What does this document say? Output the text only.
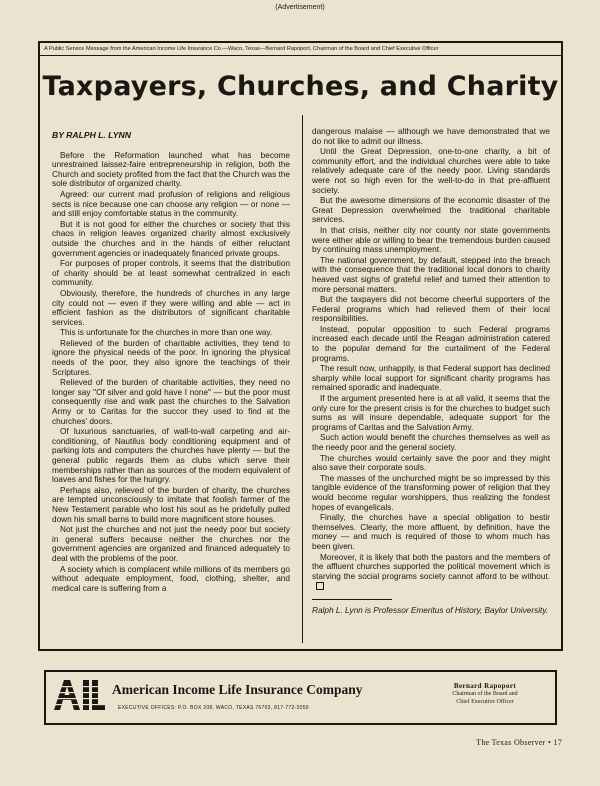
(Advertisement)
A Public Service Message from the American Income Life Insurance Co.—Waco, Texas—Bernard Rapoport, Chairman of the Board and Chief Executive Officer
Taxpayers, Churches, and Charity
BY RALPH L. LYNN

Before the Reformation launched what has become unrestrained laissez-faire entrepreneurship in religion, both the Church and society profited from the fact that the Church was the sole distributor of organized charity.

Agreed: our current mad profusion of religions and religious sects is nice because one can choose any religion — or none — and still enjoy comfortable status in the community.

But it is not good for either the churches or society that this chaos in religion leaves organized charity almost exclusively outside the churches and in the hands of either reluctant government agencies or inadequately financed private groups.

For purposes of proper controls, it seems that the distribution of charity should be at least somewhat centralized in each community.

Obviously, therefore, the hundreds of churches in any large city could not — even if they were willing and able — act in efficient fashion as the distributors of significant charitable services.

This is unfortunate for the churches in more than one way.

Relieved of the burden of charitable activities, they tend to ignore the physical needs of the poor. In ignoring the physical needs of the poor, they also ignore the teachings of their Scriptures.

Relieved of the burden of charitable activities, they need no longer say "Of silver and gold have I none" — but the poor must consequently rise and walk past the churches to the Salvation Army or to Caritas for the succor they used to find at the churches' doors.

Of luxurious sanctuaries, of wall-to-wall carpeting and air-conditioning, of Nautilus body conditioning equipment and of parking lots and computers the churches have plenty — but the general public regards them as clubs which serve their memberships rather than as sources of the modern equivalent of loaves and fishes for the hungry.

Perhaps also, relieved of the burden of charity, the churches are tempted unconsciously to imitate that foolish farmer of the New Testament parable who lost his soul as he pridefully pulled down his small barns to build more magnificent store houses.

Not just the churches and not just the needy poor but society in general suffers because neither the churches nor the government agencies are organized and financed adequately to deal with the problems of the poor.

A society which is complacent while millions of its members go without adequate employment, food, clothing, shelter, and medical care is suffering from a

dangerous malaise — although we have demonstrated that we do not like to admit our illness.

Until the Great Depression, one-to-one charity, a bit of community effort, and the individual churches were able to take relatively adequate care of the needy poor. Living standards were not so high even for the well-to-do in that pre-affluent society.

But the awesome dimensions of the economic disaster of the Great Depression overwhelmed the traditional charitable services.

In that crisis, neither city nor county nor state governments were either able or willing to bear the tremendous burden caused by continuing mass unemployment.

The national government, by default, stepped into the breach with the consequence that the traditional local donors to charity heaved vast sighs of grateful relief and turned their attention to more personal matters.

But the taxpayers did not become cheerful supporters of the Federal programs which had relieved them of their local responsibilities.

Instead, popular opposition to such Federal programs increased each decade until the Reagan administration catered to the popular demand for the curtailment of the Federal programs.

The result now, unhappily, is that Federal support has declined sharply while local support for significant charity programs has remained sporadic and inadequate.

If the argument presented here is at all valid, it seems that the only cure for the present crisis is for the churches to budget such sums as will insure dependable, adequate support for the programs of Caritas and the Salvation Army.

Such action would benefit the churches themselves as well as the needy poor and the general society.

The churches would certainly save the poor and they might also save their corporate souls.

The masses of the unchurched might be so impressed by this tangible evidence of the transforming power of religion that they would become regular worshippers, thus realizing the fondest hopes of evangelicals.

Finally, the churches have a special obligation to bestir themselves. Clearly, the more affluent, by definition, have the money — and much is required of those to whom much has been given.

Moreover, it is likely that both the pastors and the members of the affluent churches supported the political movement which is starving the social programs society cannot afford to be without.

Ralph L. Lynn is Professor Emeritus of History, Baylor University.

American Income Life Insurance Company
EXECUTIVE OFFICES: P.O. BOX 208, WACO, TEXAS 76703, 817-772-3050
Bernard Rapoport
Chairman of the Board and
Chief Executive Officer
The Texas Observer • 17
